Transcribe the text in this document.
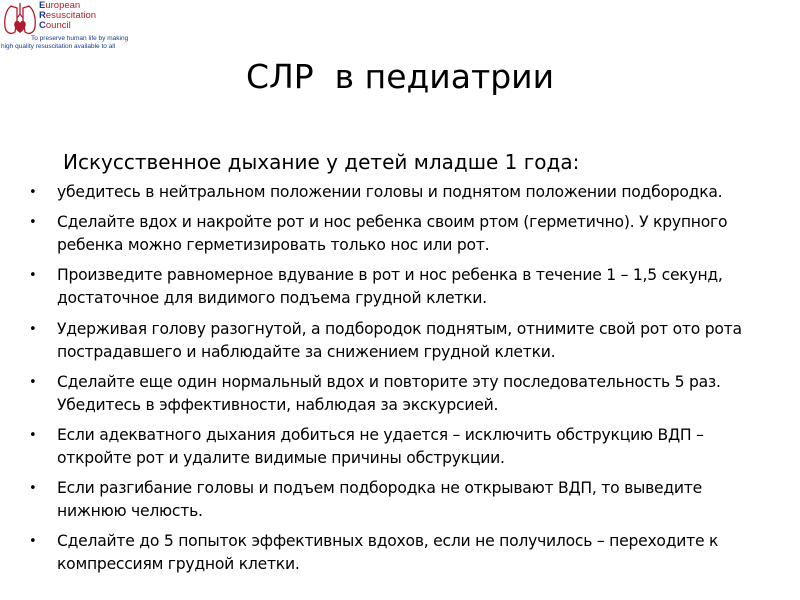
European
Resuscitation
Council
To preserve human life by making
high quality resuscitation available to all
СЛР  в педиатрии
Искусственное дыхание у детей младше 1 года:
• убедитесь в нейтральном положении головы и поднятом положении подбородка.
• Сделайте вдох и накройте рот и нос ребенка своим ртом (герметично). У крупного ребенка можно герметизировать только нос или рот.
• Произведите равномерное вдувание в рот и нос ребенка в течение 1 – 1,5 секунд, достаточное для видимого подъема грудной клетки.
• Удерживая голову разогнутой, а подбородок поднятым, отнимите свой рот ото рота пострадавшего и наблюдайте за снижением грудной клетки.
• Сделайте еще один нормальный вдох и повторите эту последовательность 5 раз. Убедитесь в эффективности, наблюдая за экскурсией.
• Если адекватного дыхания добиться не удается – исключить обструкцию ВДП – откройте рот и удалите видимые причины обструкции.
• Если разгибание головы и подъем подбородка не открывают ВДП, то выведите нижнюю челюсть.
• Сделайте до 5 попыток эффективных вдохов, если не получилось – переходите к компрессиям грудной клетки.
